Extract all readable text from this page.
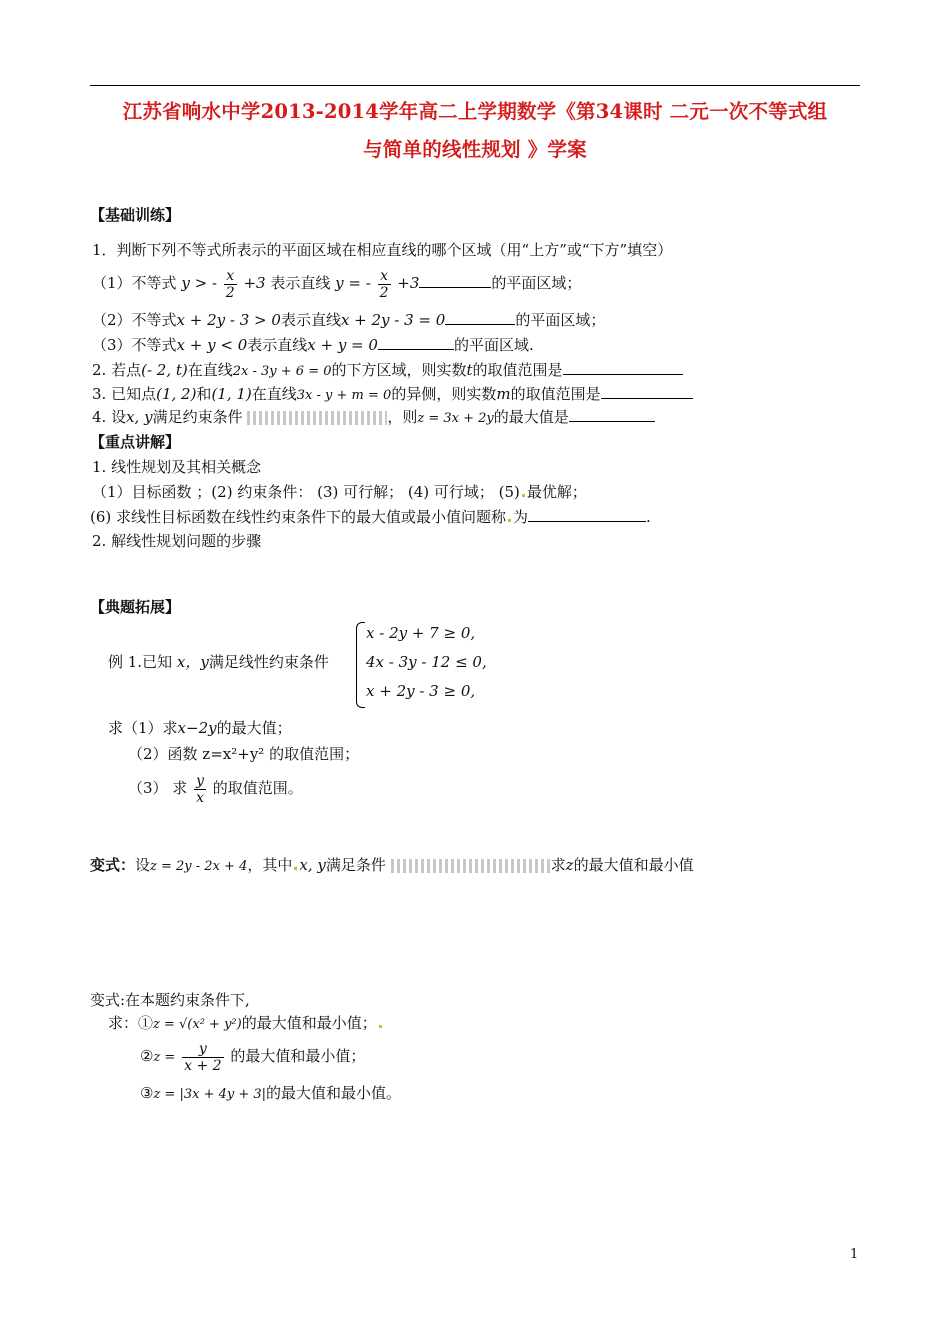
江苏省响水中学2013-2014学年高二上学期数学《第34课时 二元一次不等式组
与简单的线性规划 》学案
【基础训练】
1．判断下列不等式所表示的平面区域在相应直线的哪个区域（用“上方”或“下方”填空）
（1）不等式 y > - $\frac{x}{2} +3$ 表示直线 y = - $\frac{x}{2} +3$	的平面区域；
（2）不等式x + 2y - 3 > 0表示直线x + 2y - 3 = 0	的平面区域；
（3）不等式x + y < 0表示直线x + y = 0	的平面区域.
2. 若点(- 2, t)在直线2x - 3y + 6 = 0的下方区域，则实数t的取值范围是
3. 已知点(1, 2)和(1, 1)在直线3x - y + m = 0的异侧，则实数m的取值范围是
4. 设x, y满足约束条件	，则z = 3x + 2y的最大值是
【重点讲解】
1. 线性规划及其相关概念
（1）目标函数 ；(2) 约束条件： (3) 可行解； (4) 可行域； (5) 最优解；
(6) 求线性目标函数在线性约束条件下的最大值或最小值问题称 为	.
2. 解线性规划问题的步骤
【典题拓展】
例 1.已知 x，y满足线性约束条件
x - 2y + 7 ≥ 0,
4x - 3y - 12 ≤ 0,
x + 2y - 3 ≥ 0,
求（1）求x−2y的最大值；
（2）函数 z=x²+y² 的取值范围；
（3） 求 $\frac{y}{x}$ 的取值范围。
变式：设z = 2y - 2x + 4，其中 x, y满足条件	求z的最大值和最小值
变式:在本题约束条件下,
求：①z = √(x² + y²)的最大值和最小值；
②z = $\frac{y}{x + 2}$ 的最大值和最小值；
③z = |3x + 4y + 3|的最大值和最小值。
1
